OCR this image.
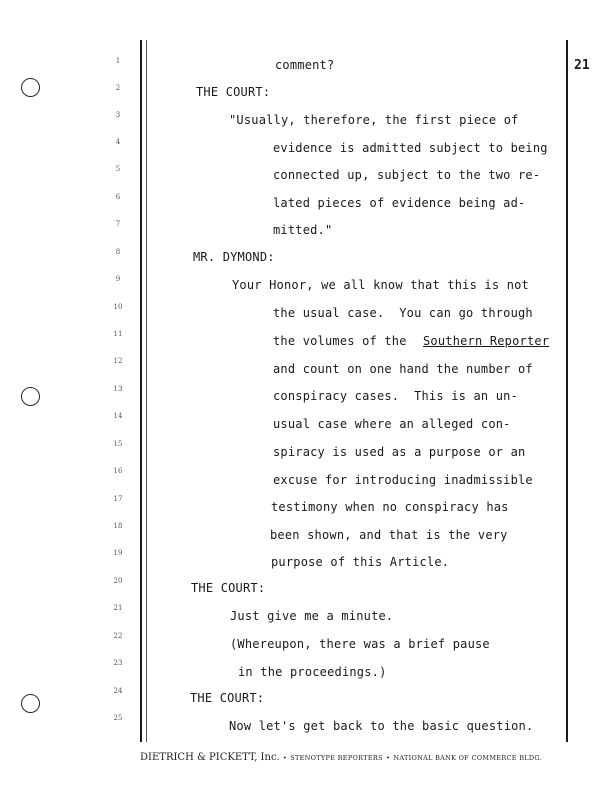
21
1
2
3
4
5
6
7
8
9
10
11
12
13
14
15
16
17
18
19
20
21
22
23
24
25
comment?
THE COURT:
"Usually, therefore, the first piece of
evidence is admitted subject to being
connected up, subject to the two re-
lated pieces of evidence being ad-
mitted."
MR. DYMOND:
Your Honor, we all know that this is not
the usual case.  You can go through
the volumes of the Southern Reporter
and count on one hand the number of
conspiracy cases.  This is an un-
usual case where an alleged con-
spiracy is used as a purpose or an
excuse for introducing inadmissible
testimony when no conspiracy has
been shown, and that is the very
purpose of this Article.
THE COURT:
Just give me a minute.
(Whereupon, there was a brief pause
in the proceedings.)
THE COURT:
Now let's get back to the basic question.
DIETRICH & PICKETT, Inc. • STENOTYPE REPORTERS • NATIONAL BANK OF COMMERCE BLDG.
